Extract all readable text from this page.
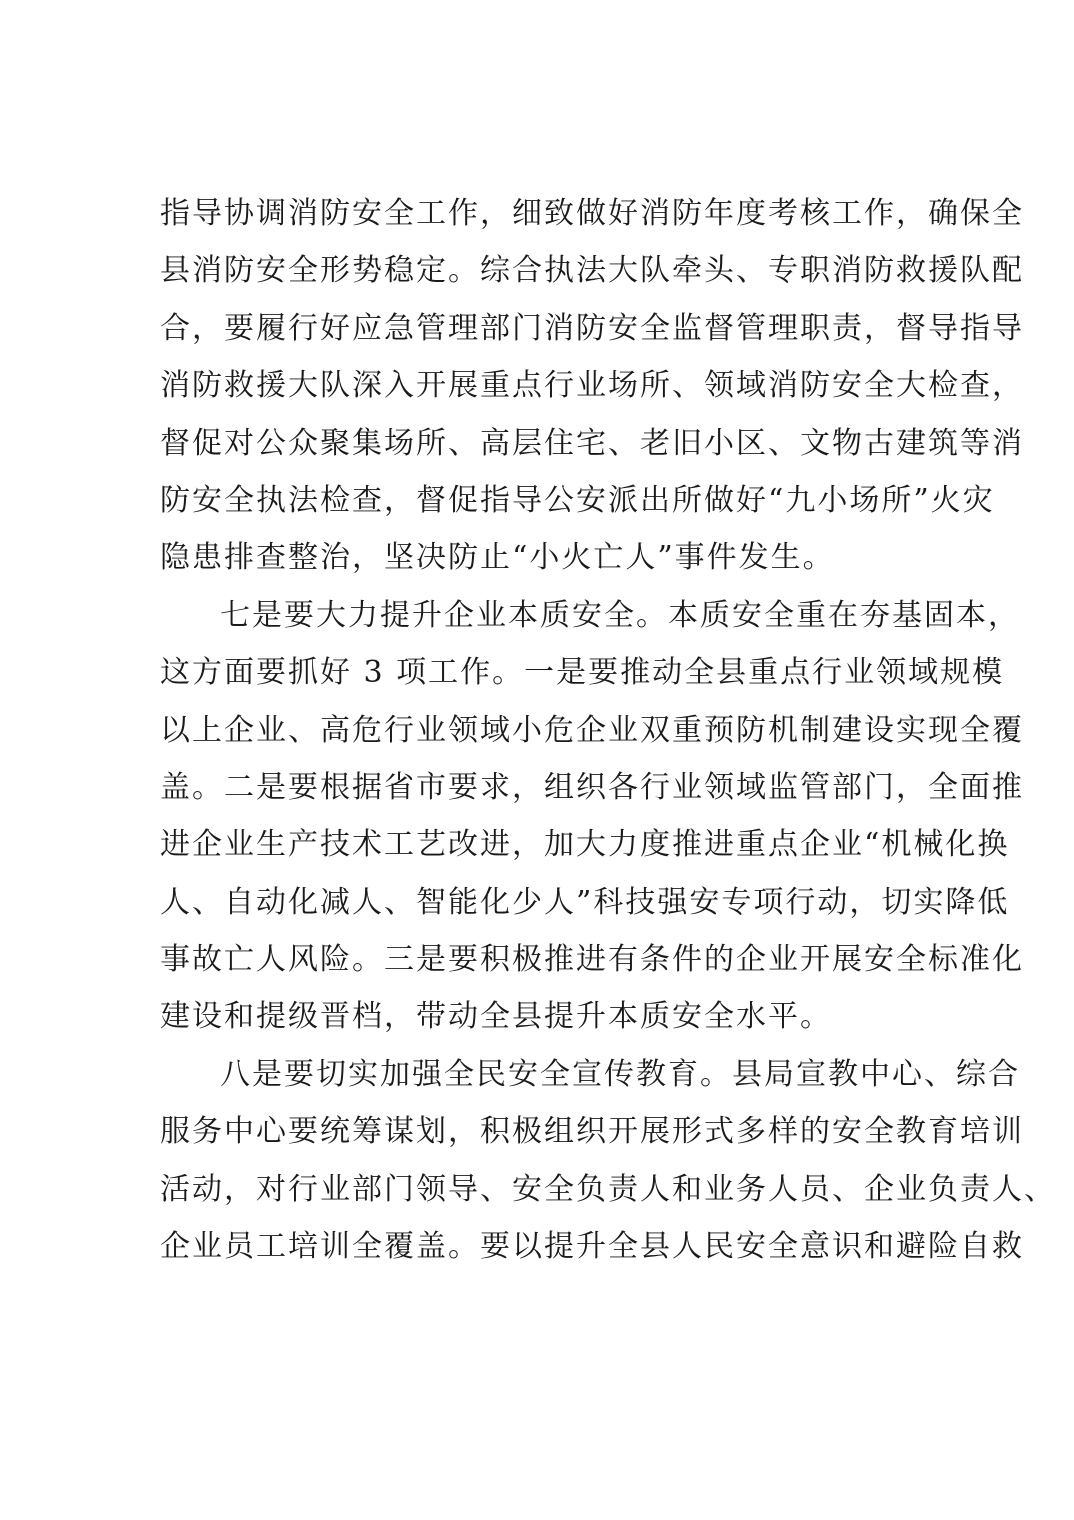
指导协调消防安全工作，细致做好消防年度考核工作，确保全
县消防安全形势稳定。综合执法大队牵头、专职消防救援队配
合，要履行好应急管理部门消防安全监督管理职责，督导指导
消防救援大队深入开展重点行业场所、领域消防安全大检查，
督促对公众聚集场所、高层住宅、老旧小区、文物古建筑等消
防安全执法检查，督促指导公安派出所做好“九小场所”火灾
隐患排查整治，坚决防止“小火亡人”事件发生。
七是要大力提升企业本质安全。本质安全重在夯基固本，
这方面要抓好 3 项工作。一是要推动全县重点行业领域规模
以上企业、高危行业领域小危企业双重预防机制建设实现全覆
盖。二是要根据省市要求，组织各行业领域监管部门，全面推
进企业生产技术工艺改进，加大力度推进重点企业“机械化换
人、自动化减人、智能化少人”科技强安专项行动，切实降低
事故亡人风险。三是要积极推进有条件的企业开展安全标准化
建设和提级晋档，带动全县提升本质安全水平。
八是要切实加强全民安全宣传教育。县局宣教中心、综合
服务中心要统筹谋划，积极组织开展形式多样的安全教育培训
活动，对行业部门领导、安全负责人和业务人员、企业负责人、
企业员工培训全覆盖。要以提升全县人民安全意识和避险自救
